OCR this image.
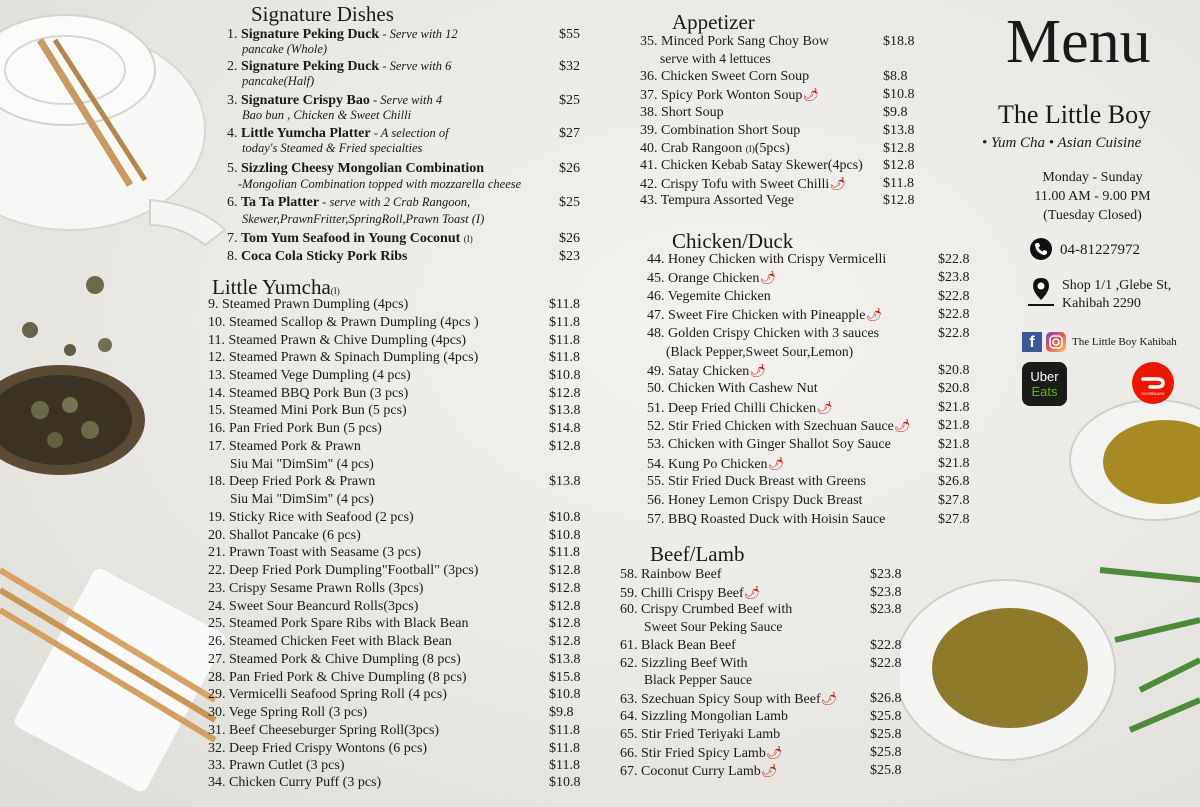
Signature Dishes
1. Signature Peking Duck - Serve with 12	$55
pancake (Whole)
2. Signature Peking Duck - Serve with 6	$32
pancake(Half)
3. Signature Crispy Bao - Serve with 4	$25
Bao bun , Chicken & Sweet Chilli
4. Little Yumcha Platter - A selection of	$27
today's Steamed & Fried specialties
5. Sizzling Cheesy Mongolian Combination	$26
-Mongolian Combination topped with mozzarella cheese
6. Ta Ta Platter - serve with 2 Crab Rangoon,	$25
Skewer,PrawnFritter,SpringRoll,Prawn Toast (I)
7. Tom Yum Seafood in Young Coconut (I)	$26
8. Coca Cola Sticky Pork Ribs	$23
Little Yumcha(I)
9. Steamed Prawn Dumpling (4pcs)	$11.8
10. Steamed Scallop & Prawn Dumpling (4pcs )	$11.8
11. Steamed Prawn & Chive Dumpling (4pcs)	$11.8
12. Steamed Prawn & Spinach Dumpling (4pcs)	$11.8
13. Steamed Vege Dumpling (4 pcs)	$10.8
14. Steamed BBQ Pork Bun (3 pcs)	$12.8
15. Steamed Mini Pork Bun (5 pcs)	$13.8
16. Pan Fried Pork Bun (5 pcs)	$14.8
17. Steamed Pork & Prawn	$12.8
Siu Mai "DimSim" (4 pcs)
18. Deep Fried Pork & Prawn	$13.8
Siu Mai "DimSim" (4 pcs)
19. Sticky Rice with Seafood (2 pcs)	$10.8
20. Shallot Pancake (6 pcs)	$10.8
21. Prawn Toast with Seasame (3 pcs)	$11.8
22. Deep Fried Pork Dumpling"Football" (3pcs)	$12.8
23. Crispy Sesame Prawn Rolls (3pcs)	$12.8
24. Sweet Sour Beancurd Rolls(3pcs)	$12.8
25. Steamed Pork Spare Ribs with Black Bean	$12.8
26. Steamed Chicken Feet with Black Bean	$12.8
27. Steamed Pork & Chive Dumpling (8 pcs)	$13.8
28. Pan Fried Pork & Chive Dumpling (8 pcs)	$15.8
29. Vermicelli Seafood Spring Roll (4 pcs)	$10.8
30. Vege Spring Roll (3 pcs)	$9.8
31. Beef Cheeseburger Spring Roll(3pcs)	$11.8
32. Deep Fried Crispy Wontons (6 pcs)	$11.8
33. Prawn Cutlet (3 pcs)	$11.8
34. Chicken Curry Puff (3 pcs)	$10.8
Appetizer
35. Minced Pork Sang Choy Bow	$18.8
serve with 4 lettuces
36. Chicken Sweet Corn Soup	$8.8
37. Spicy Pork Wonton Soup🌶	$10.8
38. Short Soup	$9.8
39. Combination Short Soup	$13.8
40. Crab Rangoon (I)(5pcs)	$12.8
41. Chicken Kebab Satay Skewer(4pcs) $12.8
42. Crispy Tofu with Sweet Chilli🌶	$11.8
43. Tempura Assorted Vege	$12.8
Chicken/Duck
44. Honey Chicken with Crispy Vermicelli	$22.8
45. Orange Chicken🌶	$23.8
46. Vegemite Chicken	$22.8
47. Sweet Fire Chicken with Pineapple🌶	$22.8
48. Golden Crispy Chicken with 3 sauces	$22.8
(Black Pepper,Sweet Sour,Lemon)
49. Satay Chicken🌶	$20.8
50. Chicken With Cashew Nut	$20.8
51. Deep Fried Chilli Chicken🌶	$21.8
52. Stir Fried Chicken with Szechuan Sauce🌶 $21.8
53. Chicken with Ginger Shallot Soy Sauce	$21.8
54. Kung Po Chicken🌶	$21.8
55. Stir Fried Duck Breast with Greens	$26.8
56. Honey Lemon Crispy Duck Breast	$27.8
57. BBQ Roasted Duck with Hoisin Sauce	$27.8
Beef/Lamb
58. Rainbow Beef	$23.8
59. Chilli Crispy Beef🌶	$23.8
60. Crispy Crumbed Beef with	$23.8
Sweet Sour Peking Sauce
61. Black Bean Beef	$22.8
62. Sizzling Beef With	$22.8
Black Pepper Sauce
63. Szechuan Spicy Soup with Beef🌶 $26.8
64. Sizzling Mongolian Lamb	$25.8
65. Stir Fried Teriyaki Lamb	$25.8
66. Stir Fried Spicy Lamb🌶	$25.8
67. Coconut Curry Lamb🌶	$25.8
Menu
The Little Boy
• Yum Cha • Asian Cuisine
Monday - Sunday
11.00 AM - 9.00 PM
(Tuesday Closed)
04-81227972
Shop 1/1 ,Glebe St,
Kahibah 2290
f	The Little Boy Kahibah
Uber
Eats	DOORDASH
